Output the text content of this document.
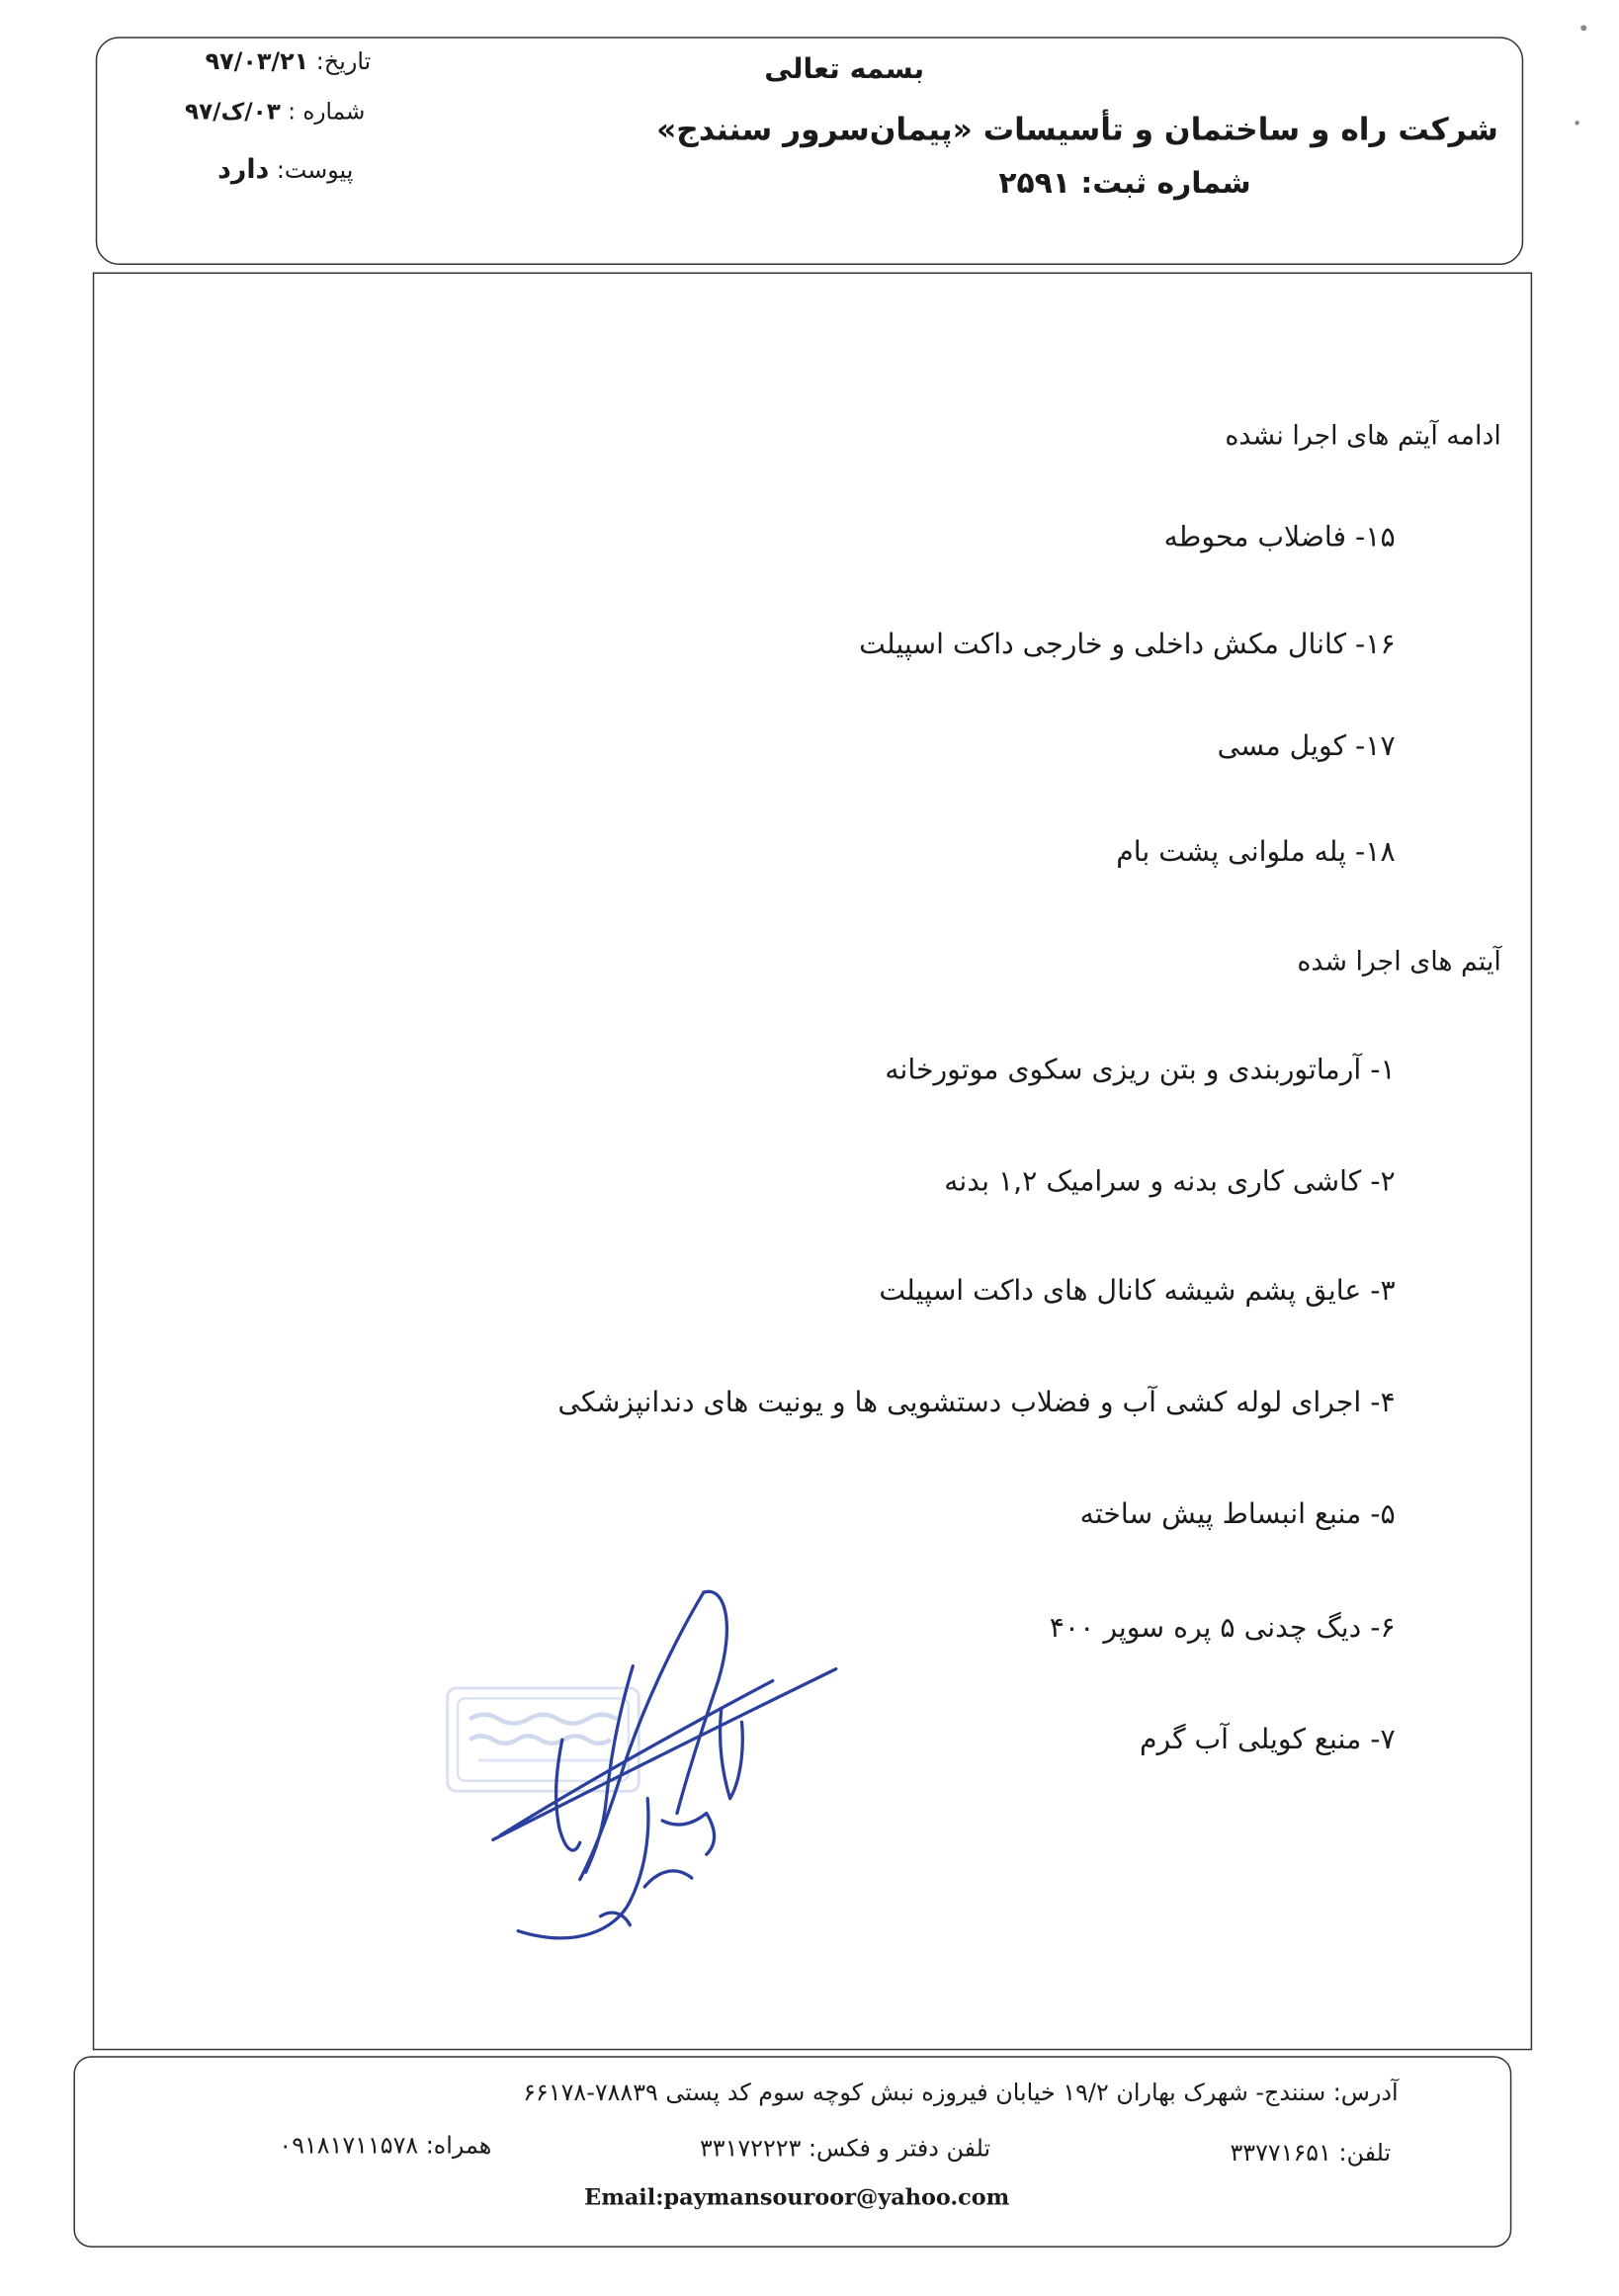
بسمه تعالی
شرکت راه و ساختمان و تأسیسات «پیمان‌سرور سنندج»
شماره ثبت: ۲۵۹۱
تاریخ: ۹۷/۰۳/۲۱
شماره : ۰۳/ک/۹۷
پیوست: دارد
ادامه آیتم های اجرا نشده
۱۵- فاضلاب محوطه
۱۶- کانال مکش داخلی و خارجی داکت اسپیلت
۱۷- کویل مسی
۱۸- پله ملوانی پشت بام
آیتم های اجرا شده
۱- آرماتوربندی و بتن ریزی سکوی موتورخانه
۲- کاشی کاری بدنه و سرامیک ۱,۲ بدنه
۳- عایق پشم شیشه کانال های داکت اسپیلت
۴- اجرای لوله کشی آب و فضلاب دستشویی ها و یونیت های دندانپزشکی
۵- منبع انبساط پیش ساخته
۶- دیگ چدنی ۵ پره سوپر ۴۰۰
۷- منبع کویلی آب گرم
آدرس: سنندج- شهرک بهاران ۱۹/۲ خیابان فیروزه نبش کوچه سوم کد پستی ۷۸۸۳۹-۶۶۱۷۸
تلفن: ۳۳۷۷۱۶۵۱
تلفن دفتر و فکس: ۳۳۱۷۲۲۲۳
همراه: ۰۹۱۸۱۷۱۱۵۷۸
Email:paymansouroor@yahoo.com
